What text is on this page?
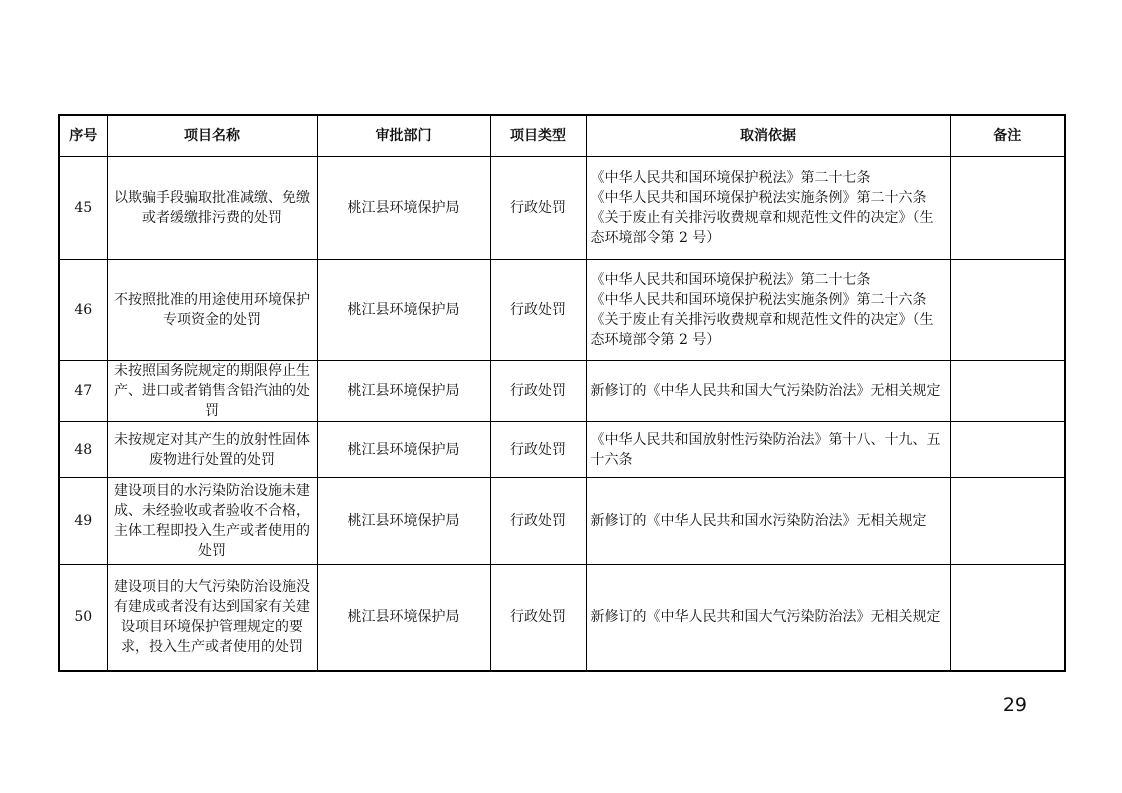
序号	项目名称	审批部门	项目类型	取消依据	备注
45	以欺骗手段骗取批准减缴、免缴或者缓缴排污费的处罚	桃江县环境保护局	行政处罚	《中华人民共和国环境保护税法》第二十七条
《中华人民共和国环境保护税法实施条例》第二十六条
《关于废止有关排污收费规章和规范性文件的决定》（生态环境部令第 2 号）	

46	不按照批准的用途使用环境保护专项资金的处罚	桃江县环境保护局	行政处罚	《中华人民共和国环境保护税法》第二十七条
《中华人民共和国环境保护税法实施条例》第二十六条
《关于废止有关排污收费规章和规范性文件的决定》（生态环境部令第 2 号）	

47	未按照国务院规定的期限停止生产、进口或者销售含铅汽油的处罚	桃江县环境保护局	行政处罚	新修订的《中华人民共和国大气污染防治法》无相关规定	

48	未按规定对其产生的放射性固体废物进行处置的处罚	桃江县环境保护局	行政处罚	《中华人民共和国放射性污染防治法》第十八、十九、五十六条	

49	建设项目的水污染防治设施未建成、未经验收或者验收不合格，主体工程即投入生产或者使用的处罚	桃江县环境保护局	行政处罚	新修订的《中华人民共和国水污染防治法》无相关规定	

50	建设项目的大气污染防治设施没有建成或者没有达到国家有关建设项目环境保护管理规定的要求，投入生产或者使用的处罚	桃江县环境保护局	行政处罚	新修订的《中华人民共和国大气污染防治法》无相关规定	

29
